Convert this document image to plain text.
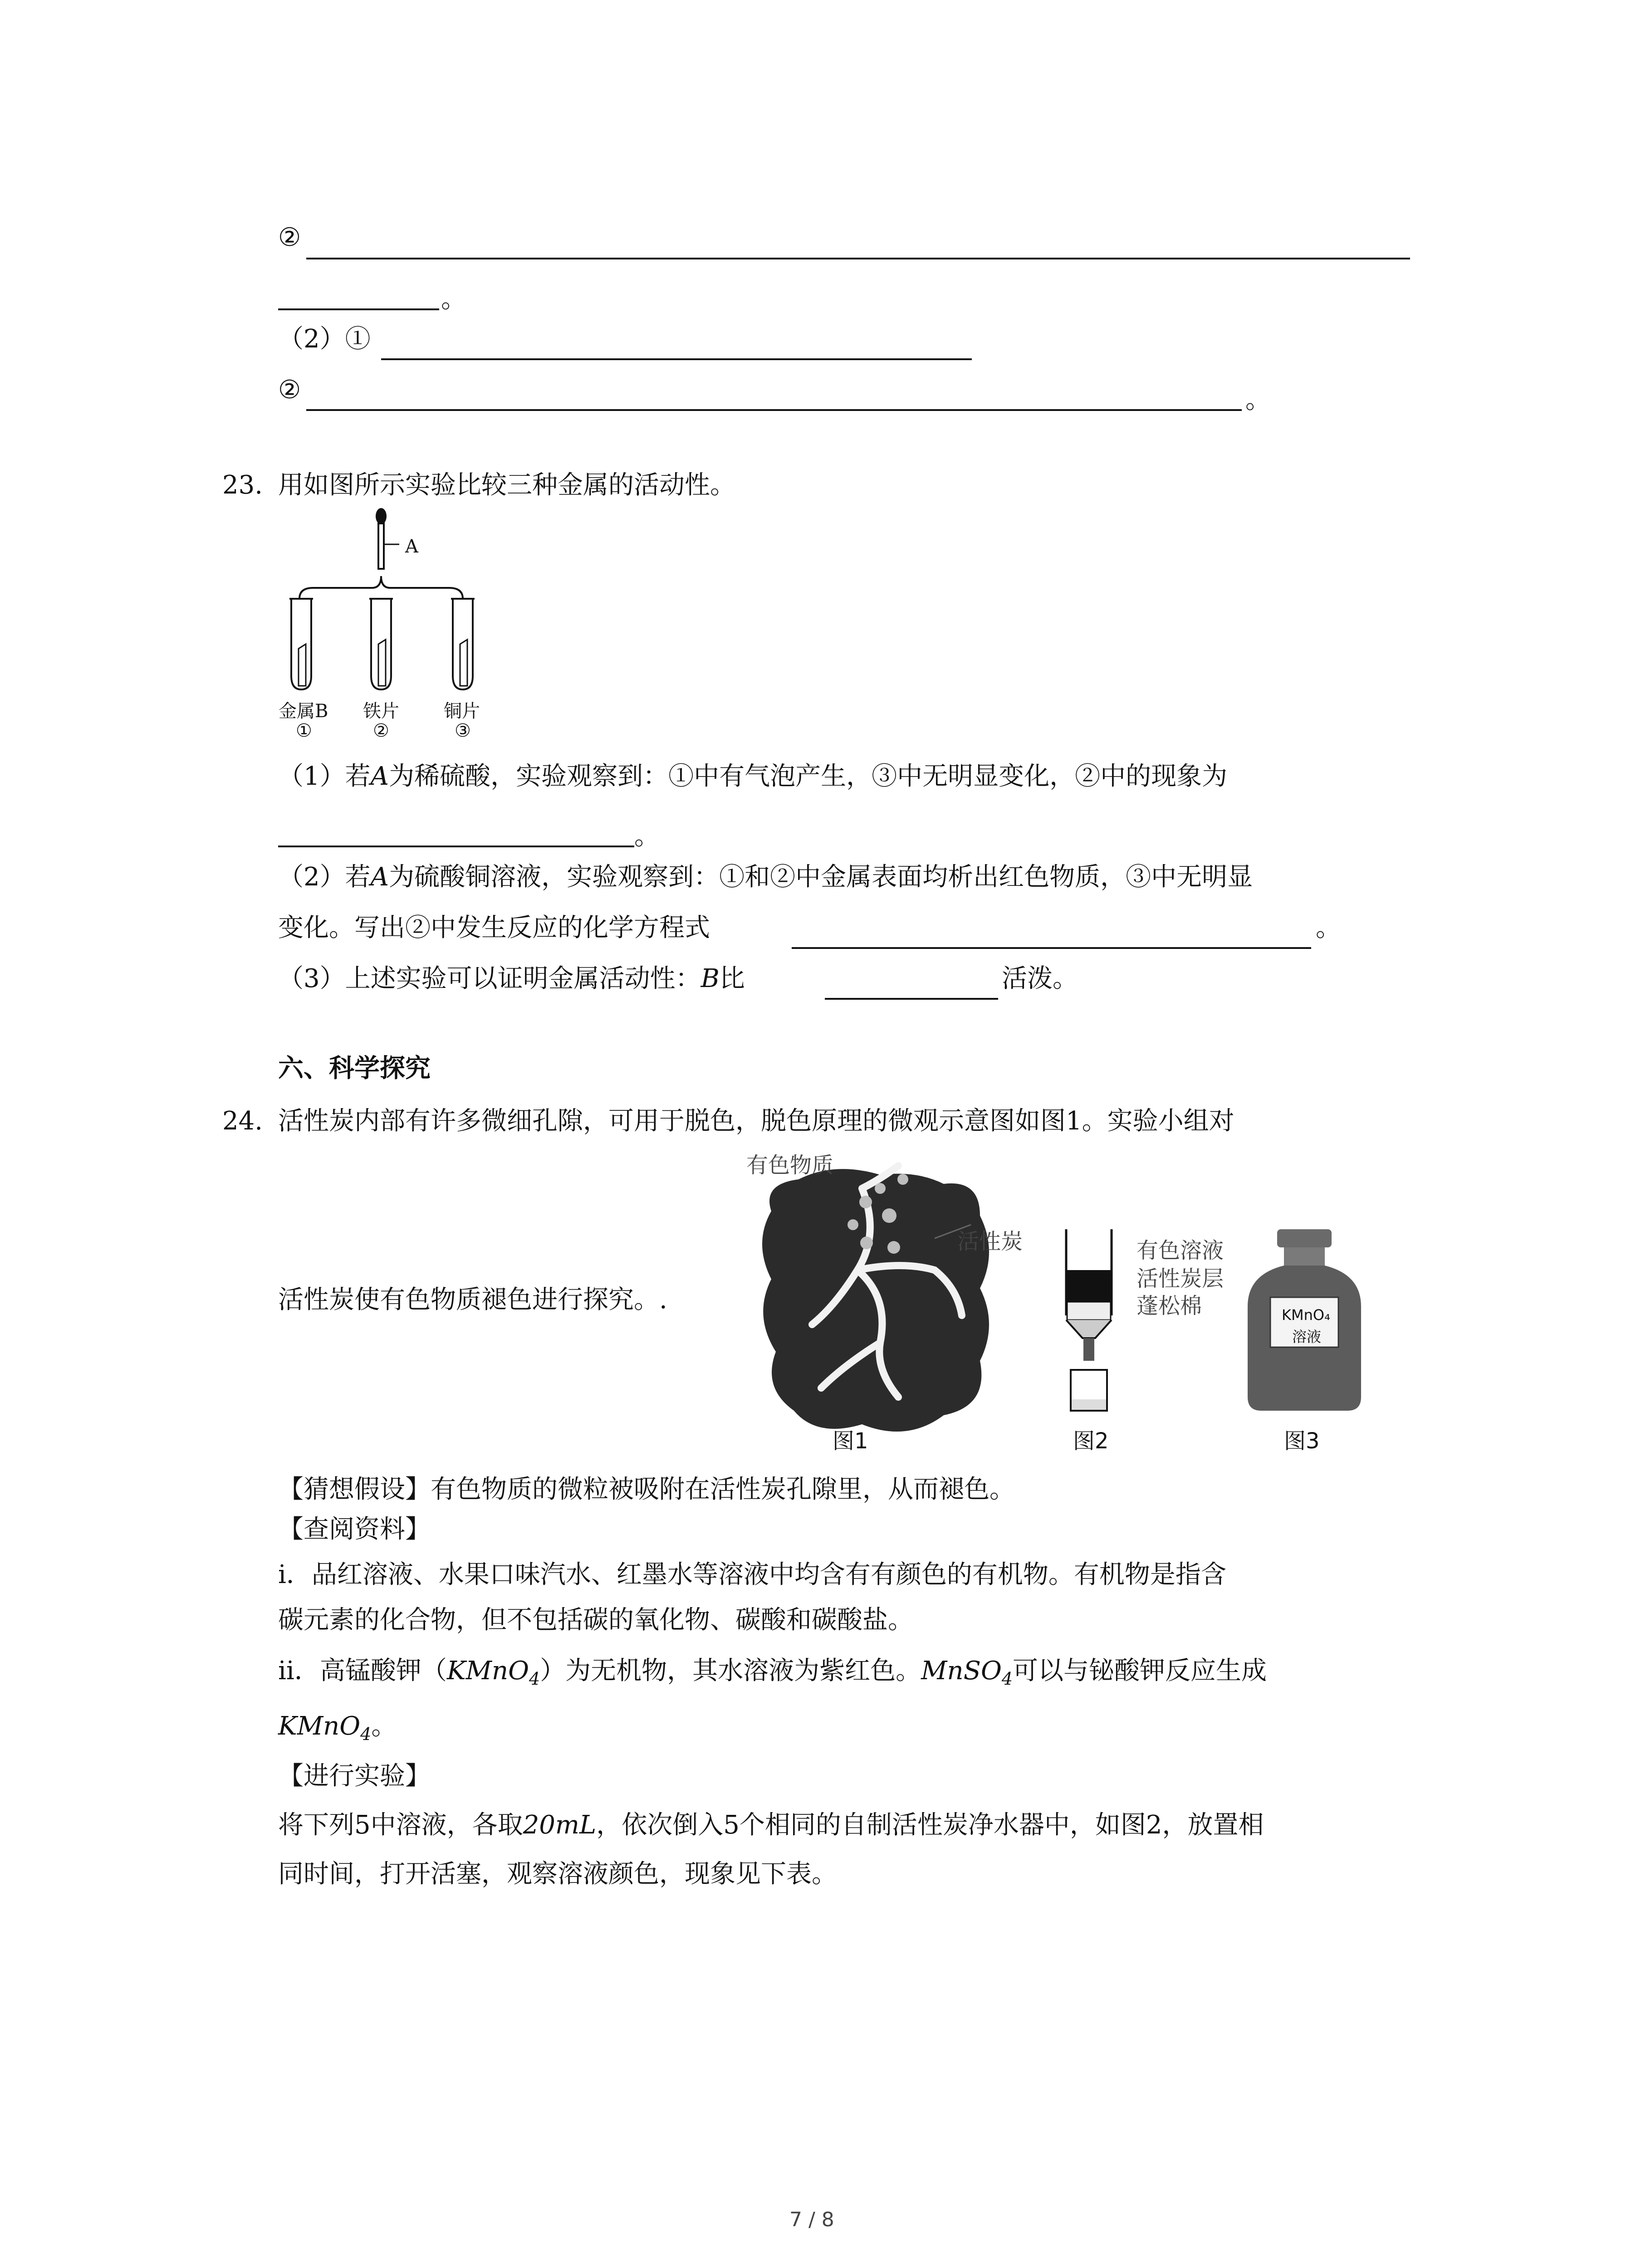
②
。
（2）①
②	。
23. 用如图所示实验比较三种金属的活动性。
A
金属B
①
铁片
②
铜片
③
（1）若A为稀硫酸，实验观察到：①中有气泡产生，③中无明显变化，②中的现象为
。
（2）若A为硫酸铜溶液，实验观察到：①和②中金属表面均析出红色物质，③中无明显
变化。写出②中发生反应的化学方程式	。
（3）上述实验可以证明金属活动性：B比	活泼。
六、科学探究
24. 活性炭内部有许多微细孔隙，可用于脱色，脱色原理的微观示意图如图1。实验小组对
活性炭使有色物质褪色进行探究。.
有色物质
活性炭
图1
有色溶液
活性炭层
蓬松棉
图2
KMnO₄
溶液
图3
【猜想假设】有色物质的微粒被吸附在活性炭孔隙里，从而褪色。
【查阅资料】
ⅰ．品红溶液、水果口味汽水、红墨水等溶液中均含有有颜色的有机物。有机物是指含
碳元素的化合物，但不包括碳的氧化物、碳酸和碳酸盐。
ⅱ．高锰酸钾（KMnO$_4$）为无机物，其水溶液为紫红色。MnSO$_4$可以与铋酸钾反应生成
KMnO$_4$。
【进行实验】
将下列5中溶液，各取20mL，依次倒入5个相同的自制活性炭净水器中，如图2，放置相
同时间，打开活塞，观察溶液颜色，现象见下表。
7 / 8
